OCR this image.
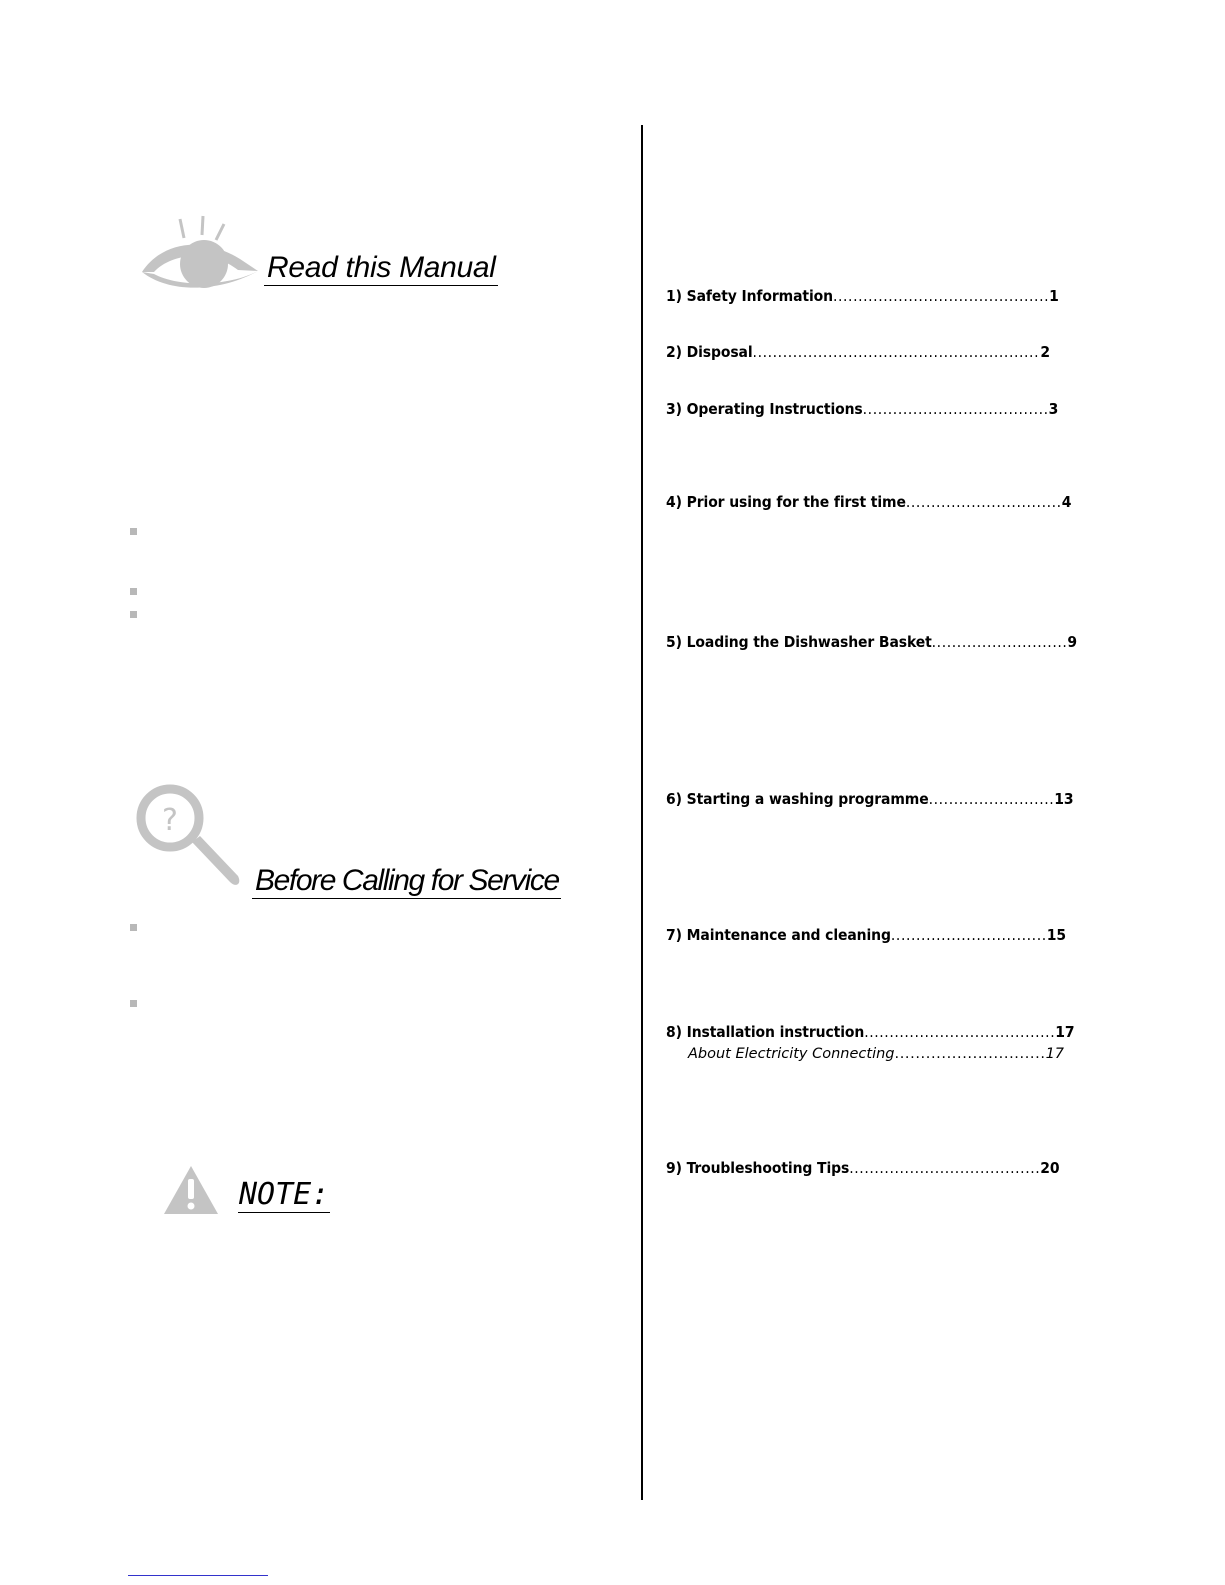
Read this Manual
?
Before Calling for Service
NOTE:
1) Safety Information ........................................... 1
2) Disposal ......................................................... 2
3) Operating Instructions ..................................... 3
4) Prior using for the first time ............................... 4
5) Loading the Dishwasher Basket ........................... 9
6) Starting a washing programme ......................... 13
7) Maintenance and cleaning ............................... 15
8) Installation instruction ...................................... 17
About Electricity Connecting ............................. 17
9) Troubleshooting Tips ...................................... 20
